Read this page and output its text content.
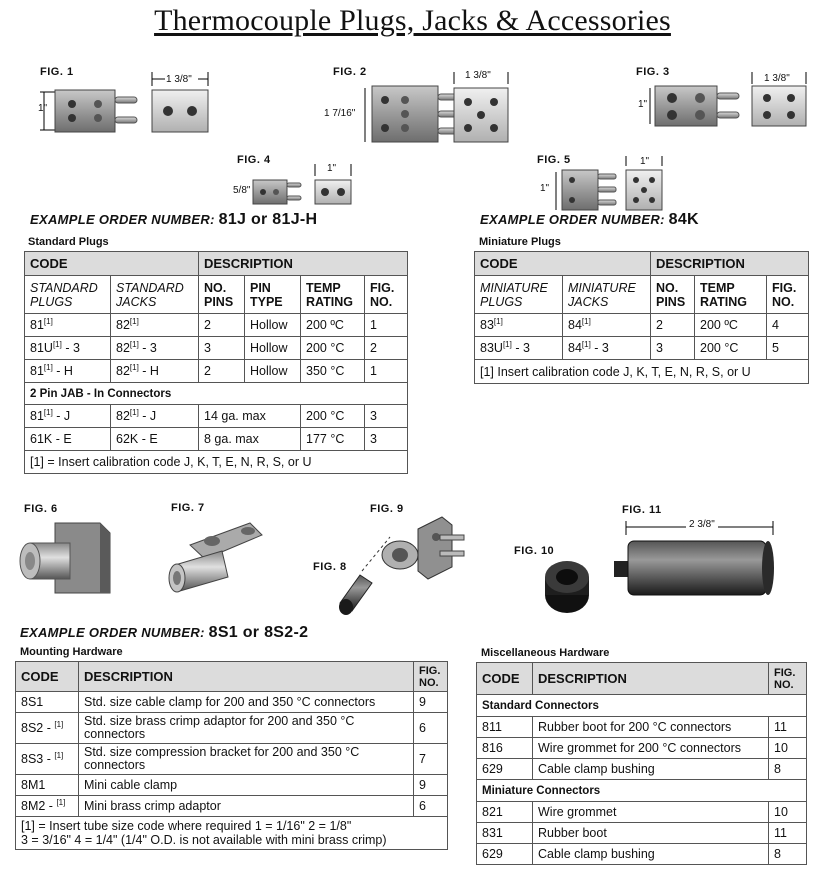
Thermocouple Plugs, Jacks & Accessories
FIG. 1
1 3/8"
1"
FIG. 2	1 3/8"
1 7/16"
FIG. 3
1 3/8"
1"
FIG. 4
1"
5/8"
FIG. 5	1"
1"
EXAMPLE ORDER NUMBER: 81J or 81J-H	EXAMPLE ORDER NUMBER: 84K
Standard Plugs
CODE		DESCRIPTION			
STANDARD PLUGS	STANDARD JACKS	NO. PINS	PIN TYPE	TEMP RATING	FIG. NO.
81[1]	82[1]	2	Hollow	200 ºC	1
81U[1] - 3	82[1] - 3	3	Hollow	200 °C	2
81[1] - H	82[1] - H	2	Hollow	350 °C	1
2 Pin JAB - In Connectors					
81[1] - J	82[1] - J	14 ga. max		200 °C	3
61K - E	62K - E	8 ga. max		177 °C	3
[1] = Insert calibration code J, K, T, E, N, R, S, or U					
Miniature Plugs
CODE		DESCRIPTION		
MINIATURE PLUGS	MINIATURE JACKS	NO. PINS	TEMP RATING	FIG. NO.
83[1]	84[1]	2	200 ºC	4
83U[1] - 3	84[1] - 3	3	200 °C	5
[1] Insert calibration code J, K, T, E, N, R, S, or U				
FIG. 6	FIG. 7
FIG. 8
FIG. 9
FIG. 10
FIG. 11
2 3/8"
EXAMPLE ORDER NUMBER: 8S1 or 8S2-2
Mounting Hardware
CODE	DESCRIPTION	FIG. NO.
8S1	Std. size cable clamp for 200 and 350 °C connectors	9
8S2 - [1]	Std. size brass crimp adaptor for 200 and 350 °C connectors	6
8S3 - [1]	Std. size compression bracket for 200 and 350 °C connectors	7
8M1	Mini cable clamp	9
8M2 - [1]	Mini brass crimp adaptor	6

[1] = Insert tube size code where required 1 = 1/16" 2 = 1/8"
3 = 3/16" 4 = 1/4" (1/4" O.D. is not available with mini brass crimp)		
Miscellaneous Hardware
CODE	DESCRIPTION	FIG. NO.
Standard Connectors		
811	Rubber boot for 200 °C connectors	11
816	Wire grommet for 200 °C connectors	10
629	Cable clamp bushing	8
Miniature Connectors		
821	Wire grommet	10
831	Rubber boot	11
629	Cable clamp bushing	8
